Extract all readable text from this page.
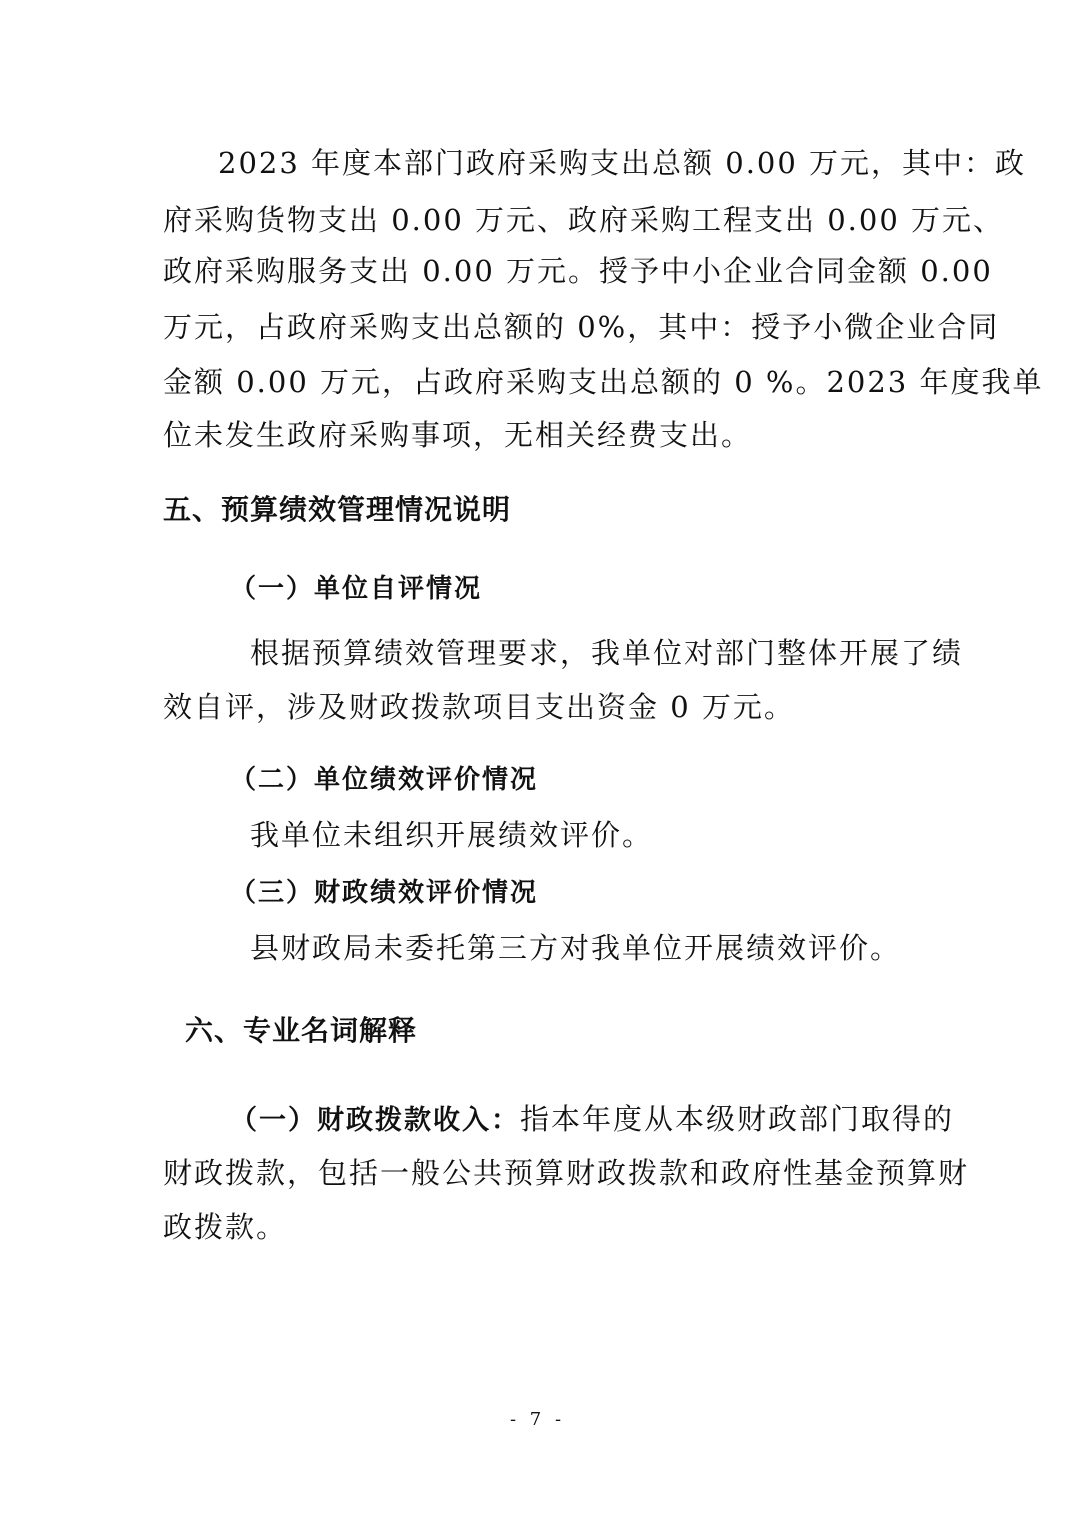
2023 年度本部门政府采购支出总额 0.00 万元，其中：政
府采购货物支出 0.00 万元、政府采购工程支出 0.00 万元、
政府采购服务支出 0.00 万元。授予中小企业合同金额 0.00
万元，占政府采购支出总额的 0%，其中：授予小微企业合同
金额 0.00 万元，占政府采购支出总额的 0 %。2023 年度我单
位未发生政府采购事项，无相关经费支出。
五、预算绩效管理情况说明
（一）单位自评情况
根据预算绩效管理要求，我单位对部门整体开展了绩
效自评，涉及财政拨款项目支出资金 0 万元。
（二）单位绩效评价情况
我单位未组织开展绩效评价。
（三）财政绩效评价情况
县财政局未委托第三方对我单位开展绩效评价。
六、专业名词解释
（一）财政拨款收入：指本年度从本级财政部门取得的
财政拨款，包括一般公共预算财政拨款和政府性基金预算财
政拨款。
- 7 -
